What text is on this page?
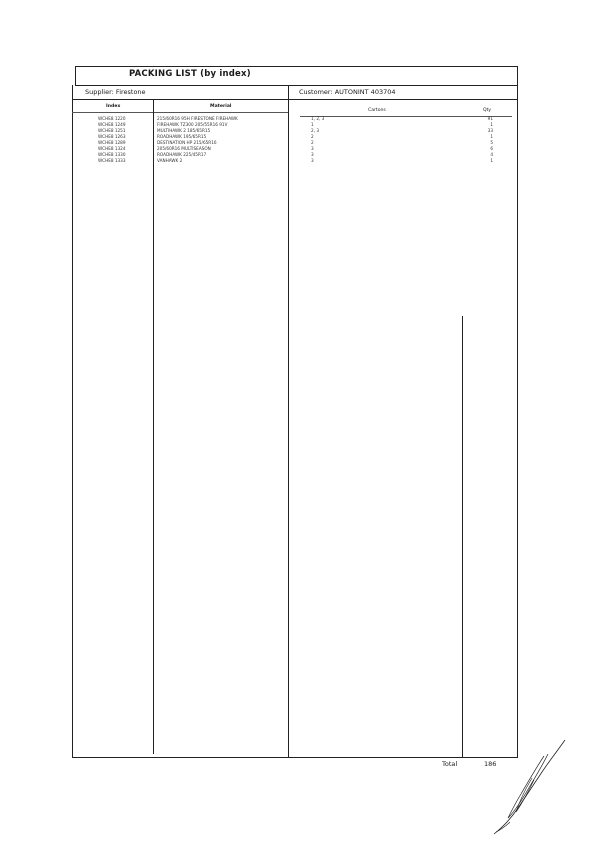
PACKING LIST (by index)
Supplier: Firestone	Customer: AUTONINT 403704
Index	Material
Cartons	Qty
WCHE8 1220	215/60R16 95H FIRESTONE FIREHAWK	1, 2, 3	91
WCHE8 1249	FIREHAWK TZ300 205/55R16 91V	1	1
WCHE8 1251	MULTIHAWK 2 185/65R15	2, 3	33
WCHE8 1263	ROADHAWK 195/65R15	2	1
WCHE8 1289	DESTINATION HP 215/65R16	2	5
WCHE8 1324	205/60R16 MULTISEASON	3	6
WCHE8 1330	ROADHAWK 225/45R17	3	4
WCHE8 1333	VANHAWK 2	3	1
Total	186
